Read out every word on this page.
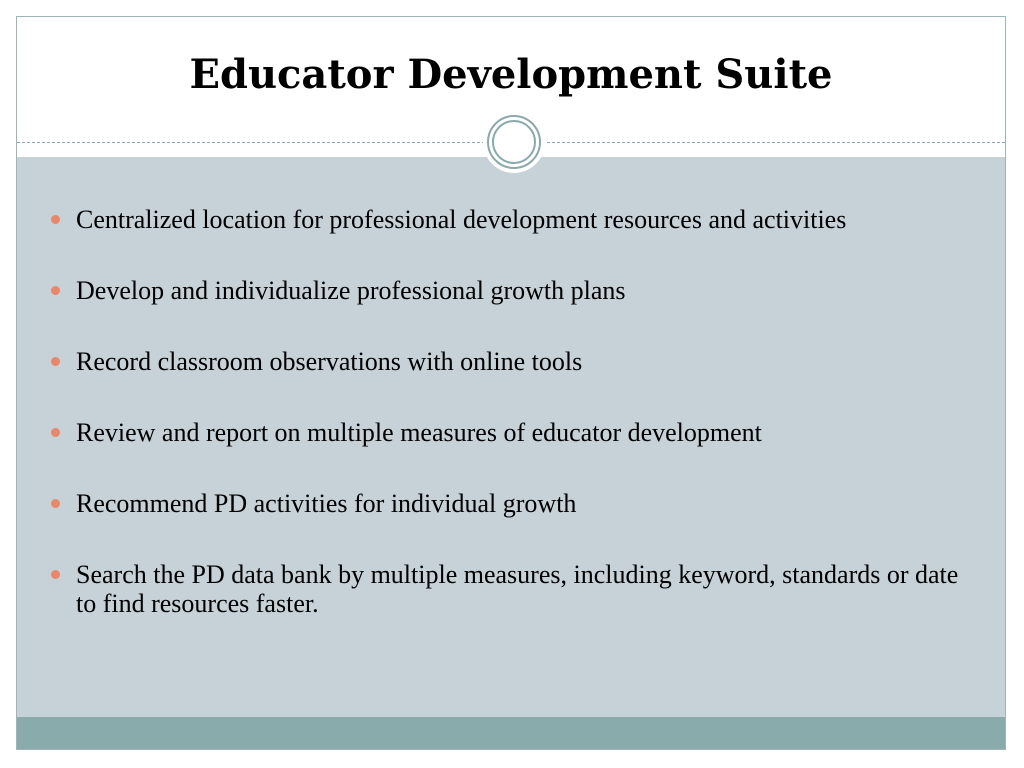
Educator Development Suite
Centralized location for professional development resources and activities
Develop and individualize professional growth plans
Record classroom observations with online tools
Review and report on multiple measures of educator development
Recommend PD activities for individual growth
Search the PD data bank by multiple measures, including keyword, standards or date to find resources faster.
